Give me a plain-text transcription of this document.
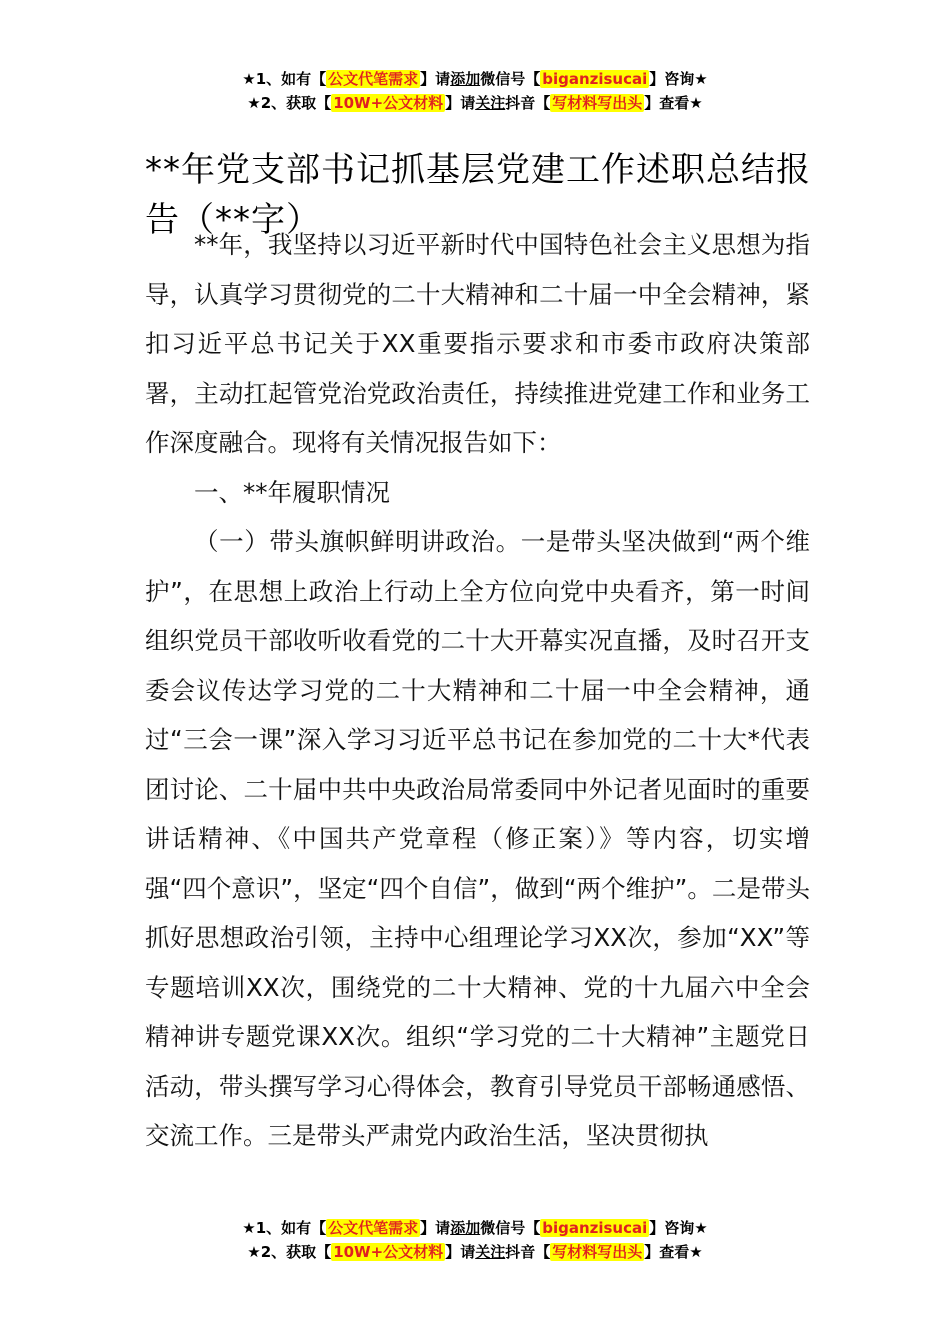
★1、如有【 公文代笔需求 】请添加微信号【 biganzisucai 】咨询★
★2、获取【 10W+公文材料 】请关注抖音【 写材料写出头 】查看★
**年党支部书记抓基层党建工作述职总结报告（**字）

**年，我坚持以习近平新时代中国特色社会主义思想为指导，认真学习贯彻党的二十大精神和二十届一中全会精神，紧扣习近平总书记关于XX重要指示要求和市委市政府决策部署，主动扛起管党治党政治责任，持续推进党建工作和业务工作深度融合。现将有关情况报告如下：

一、**年履职情况

（一）带头旗帜鲜明讲政治。一是带头坚决做到“两个维护”，在思想上政治上行动上全方位向党中央看齐，第一时间组织党员干部收听收看党的二十大开幕实况直播，及时召开支委会议传达学习党的二十大精神和二十届一中全会精神，通过“三会一课”深入学习习近平总书记在参加党的二十大*代表团讨论、二十届中共中央政治局常委同中外记者见面时的重要讲话精神、《中国共产党章程（修正案）》等内容，切实增强“四个意识”，坚定“四个自信”，做到“两个维护”。二是带头抓好思想政治引领，主持中心组理论学习XX次，参加“XX”等专题培训XX次，围绕党的二十大精神、党的十九届六中全会精神讲专题党课XX次。组织“学习党的二十大精神”主题党日活动，带头撰写学习心得体会，教育引导党员干部畅通感悟、交流工作。三是带头严肃党内政治生活，坚决贯彻执

★1、如有【 公文代笔需求 】请添加微信号【 biganzisucai 】咨询★
★2、获取【 10W+公文材料 】请关注抖音【 写材料写出头 】查看★
